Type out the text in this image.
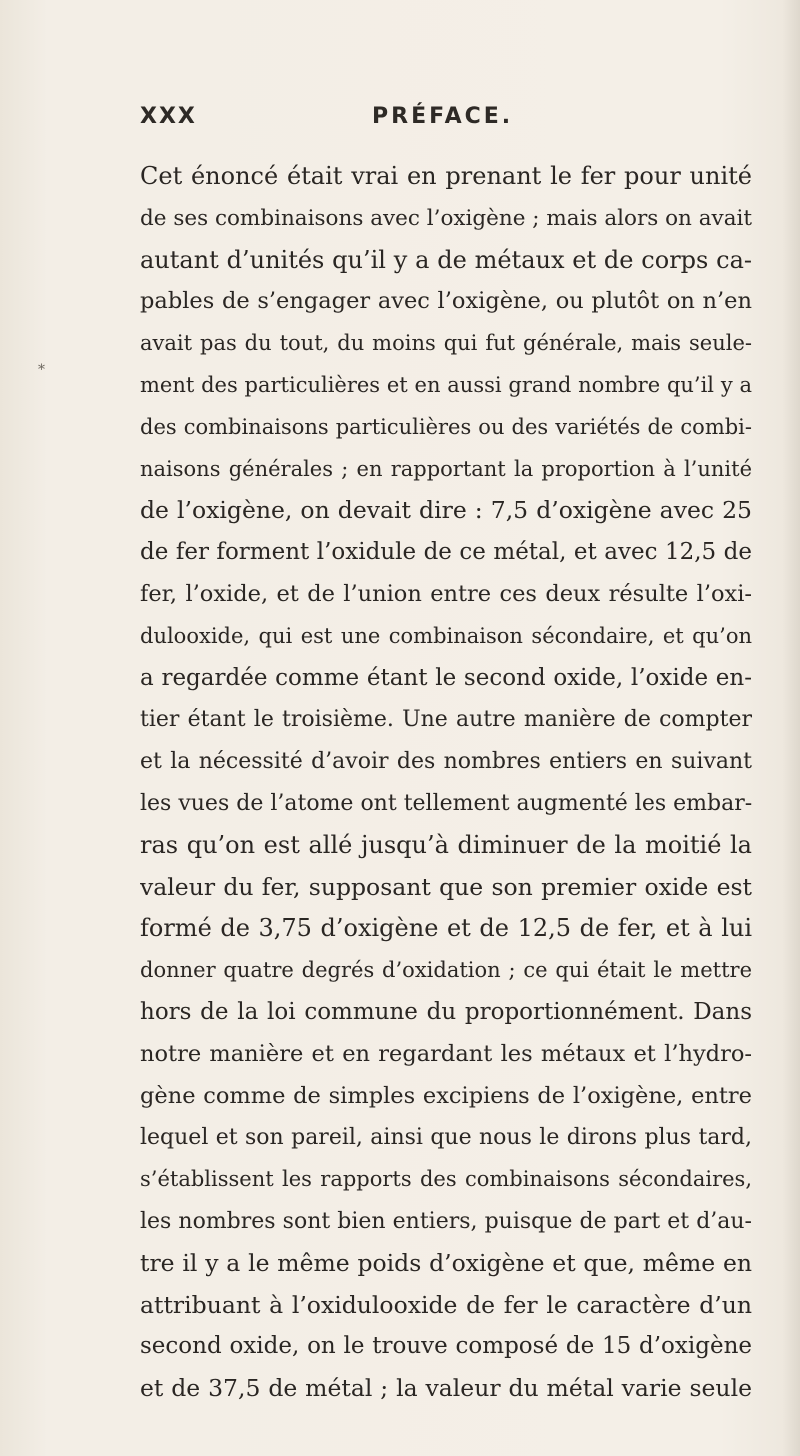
*
XXX	PRÉFACE.
Cet énoncé était vrai en prenant le fer pour unité
de ses combinaisons avec l’oxigène ; mais alors on avait
autant d’unités qu’il y a de métaux et de corps ca-
pables de s’engager avec l’oxigène, ou plutôt on n’en
avait pas du tout, du moins qui fut générale, mais seule-
ment des particulières et en aussi grand nombre qu’il y a
des combinaisons particulières ou des variétés de combi-
naisons générales ; en rapportant la proportion à l’unité
de l’oxigène, on devait dire : 7,5 d’oxigène avec 25
de fer forment l’oxidule de ce métal, et avec 12,5 de
fer, l’oxide, et de l’union entre ces deux résulte l’oxi-
dulooxide, qui est une combinaison sécondaire, et qu’on
a regardée comme étant le second oxide, l’oxide en-
tier étant le troisième. Une autre manière de compter
et la nécessité d’avoir des nombres entiers en suivant
les vues de l’atome ont tellement augmenté les embar-
ras qu’on est allé jusqu’à diminuer de la moitié la
valeur du fer, supposant que son premier oxide est
formé de 3,75 d’oxigène et de 12,5 de fer, et à lui
donner quatre degrés d’oxidation ; ce qui était le mettre
hors de la loi commune du proportionnément. Dans
notre manière et en regardant les métaux et l’hydro-
gène comme de simples excipiens de l’oxigène, entre
lequel et son pareil, ainsi que nous le dirons plus tard,
s’établissent les rapports des combinaisons sécondaires,
les nombres sont bien entiers, puisque de part et d’au-
tre il y a le même poids d’oxigène et que, même en
attribuant à l’oxidulooxide de fer le caractère d’un
second oxide, on le trouve composé de 15 d’oxigène
et de 37,5 de métal ; la valeur du métal varie seule
